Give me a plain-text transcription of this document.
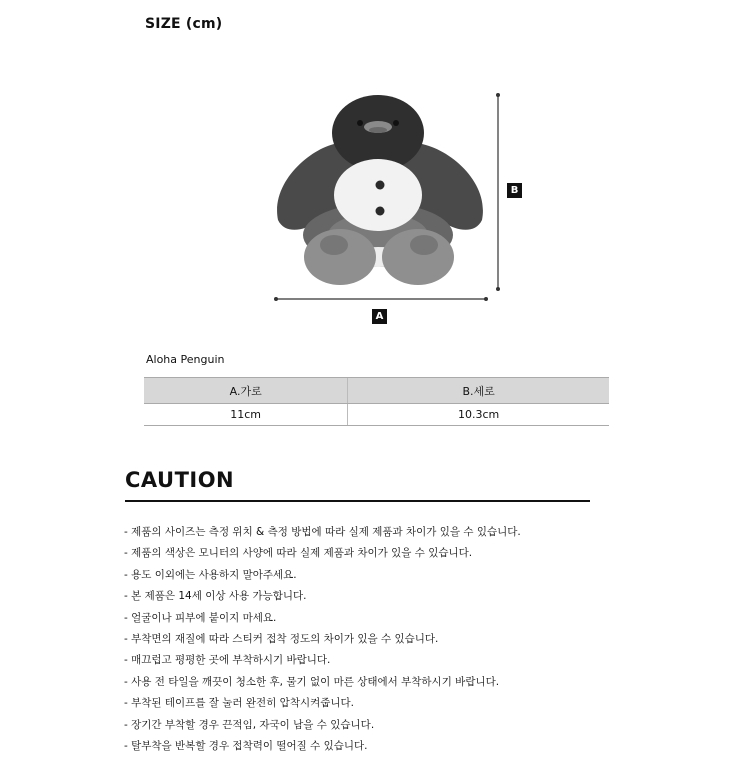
SIZE (cm)
A
B
Aloha Penguin
A.가로	B.세로
11cm	10.3cm
CAUTION
- 제품의 사이즈는 측정 위치 & 측정 방법에 따라 실제 제품과 차이가 있을 수 있습니다.
- 제품의 색상은 모니터의 사양에 따라 실제 제품과 차이가 있을 수 있습니다.
- 용도 이외에는 사용하지 말아주세요.
- 본 제품은 14세 이상 사용 가능합니다.
- 얼굴이나 피부에 붙이지 마세요.
- 부착면의 재질에 따라 스티커 접착 정도의 차이가 있을 수 있습니다.
- 매끄럽고 평평한 곳에 부착하시기 바랍니다.
- 사용 전 타일을 깨끗이 청소한 후, 물기 없이 마른 상태에서 부착하시기 바랍니다.
- 부착된 테이프를 잘 눌러 완전히 압착시켜줍니다.
- 장기간 부착할 경우 끈적임, 자국이 남을 수 있습니다.
- 탈부착을 반복할 경우 접착력이 떨어질 수 있습니다.
